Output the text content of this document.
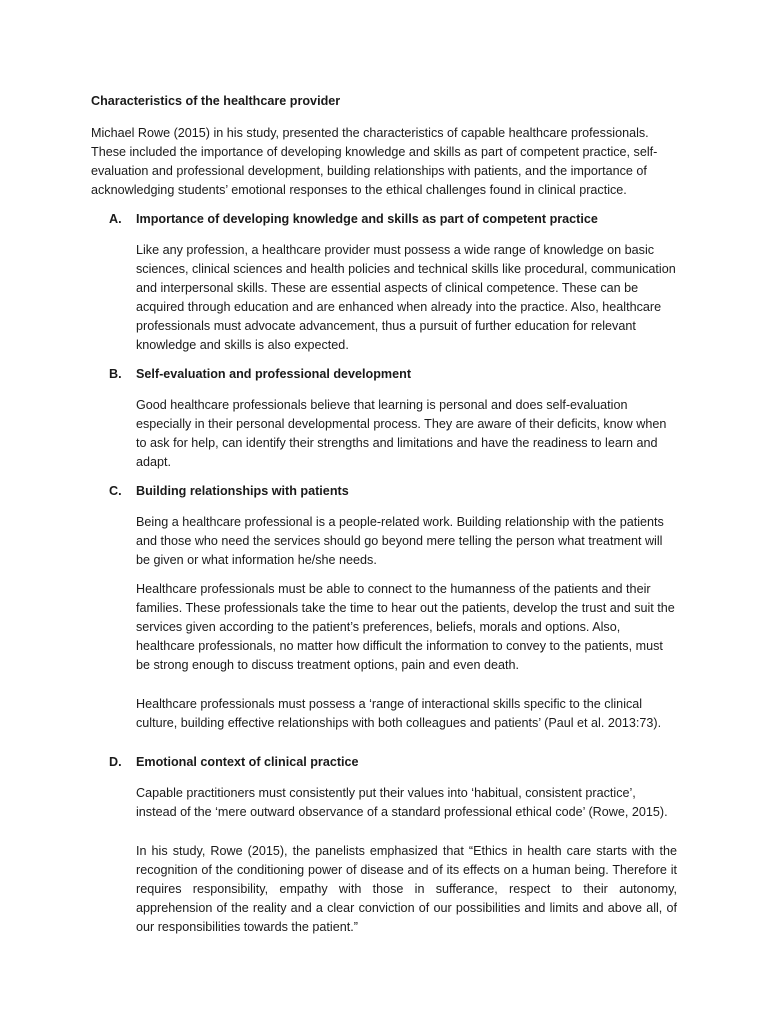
Characteristics of the healthcare provider

Michael Rowe (2015) in his study, presented the characteristics of capable healthcare professionals. These included the importance of developing knowledge and skills as part of competent practice, self-evaluation and professional development, building relationships with patients, and the importance of acknowledging students’ emotional responses to the ethical challenges found in clinical practice.

A.	Importance of developing knowledge and skills as part of competent practice

Like any profession, a healthcare provider must possess a wide range of knowledge on basic sciences, clinical sciences and health policies and technical skills like procedural, communication and interpersonal skills. These are essential aspects of clinical competence. These can be acquired through education and are enhanced when already into the practice. Also, healthcare professionals must advocate advancement, thus a pursuit of further education for relevant knowledge and skills is also expected.

B.	Self-evaluation and professional development

Good healthcare professionals believe that learning is personal and does self-evaluation especially in their personal developmental process. They are aware of their deficits, know when to ask for help, can identify their strengths and limitations and have the readiness to learn and adapt.

C.	Building relationships with patients

Being a healthcare professional is a people-related work. Building relationship with the patients and those who need the services should go beyond mere telling the person what treatment will be given or what information he/she needs.

Healthcare professionals must be able to connect to the humanness of the patients and their families. These professionals take the time to hear out the patients, develop the trust and suit the services given according to the patient’s preferences, beliefs, morals and options. Also, healthcare professionals, no matter how difficult the information to convey to the patients, must be strong enough to discuss treatment options, pain and even death.

Healthcare professionals must possess a ‘range of interactional skills specific to the clinical culture, building effective relationships with both colleagues and patients’ (Paul et al. 2013:73).

D.	Emotional context of clinical practice

Capable practitioners must consistently put their values into ‘habitual, consistent practice’, instead of the ‘mere outward observance of a standard professional ethical code’ (Rowe, 2015).

In his study, Rowe (2015), the panelists emphasized that “Ethics in health care starts with the recognition of the conditioning power of disease and of its effects on a human being. Therefore it requires responsibility, empathy with those in sufferance, respect to their autonomy, apprehension of the reality and a clear conviction of our possibilities and limits and above all, of our responsibilities towards the patient.”
